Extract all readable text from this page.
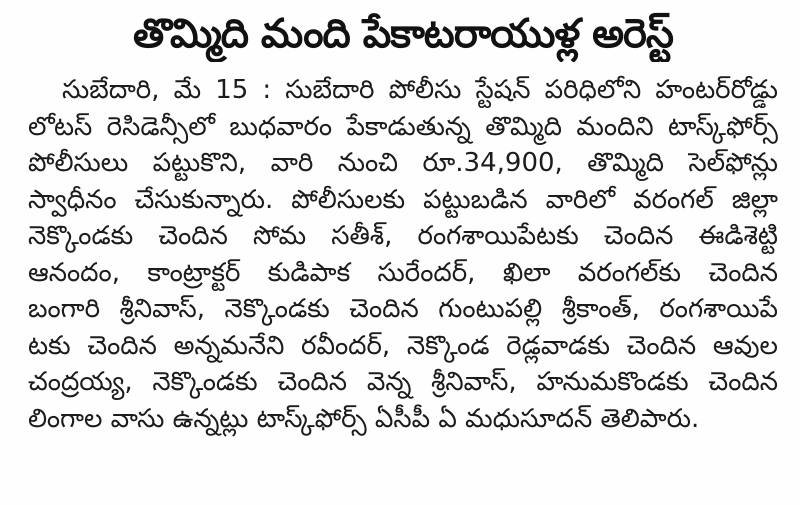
తొమ్మిది మంది పేకాటరాయుళ్ల అరెస్ట్
సుబేదారి, మే 15 : సుబేదారి పోలీసు స్టేషన్ పరిధిలోని హంటర్‌రోడ్డు
లోటస్ రెసిడెన్సీలో బుధవారం పేకాడుతున్న తొమ్మిది మందిని టాస్క్‌ఫోర్స్
పోలీసులు పట్టుకొని, వారి నుంచి రూ.34,900, తొమ్మిది సెల్‌ఫోన్లు
స్వాధీనం చేసుకున్నారు. పోలీసులకు పట్టుబడిన వారిలో వరంగల్ జిల్లా
నెక్కొండకు చెందిన సోమ సతీశ్, రంగశాయిపేటకు చెందిన ఈడిశెట్టి
ఆనందం, కాంట్రాక్టర్ కుడిపాక సురేందర్, ఖిలా వరంగల్‌కు చెందిన
బంగారి శ్రీనివాస్, నెక్కొండకు చెందిన గుంటుపల్లి శ్రీకాంత్, రంగశాయిపే
టకు చెందిన అన్నమనేని రవీందర్, నెక్కొండ రెడ్లవాడకు చెందిన ఆవుల
చంద్రయ్య, నెక్కొండకు చెందిన వెన్న శ్రీనివాస్, హనుమకొండకు చెందిన
లింగాల వాసు ఉన్నట్లు టాస్క్‌ఫోర్స్ ఏసీపీ ఏ మధుసూదన్ తెలిపారు.
